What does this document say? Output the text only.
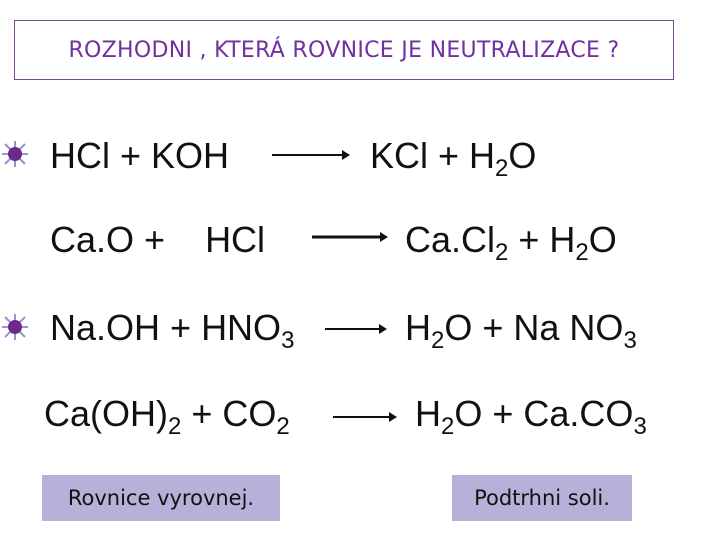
ROZHODNI , KTERÁ ROVNICE JE NEUTRALIZACE ?
HCl + KOH	KCl + $H_2O$
Ca.O + HCl	$Ca.Cl_2 + H_2O$
$Na.OH + HNO_3 \to H_2O + Na$ $NO_3$
$Ca(OH)_2 + CO_2$	→ $H_2O + Ca.CO_3$
Rovnice vyrovnej.	Podtrhni soli.
